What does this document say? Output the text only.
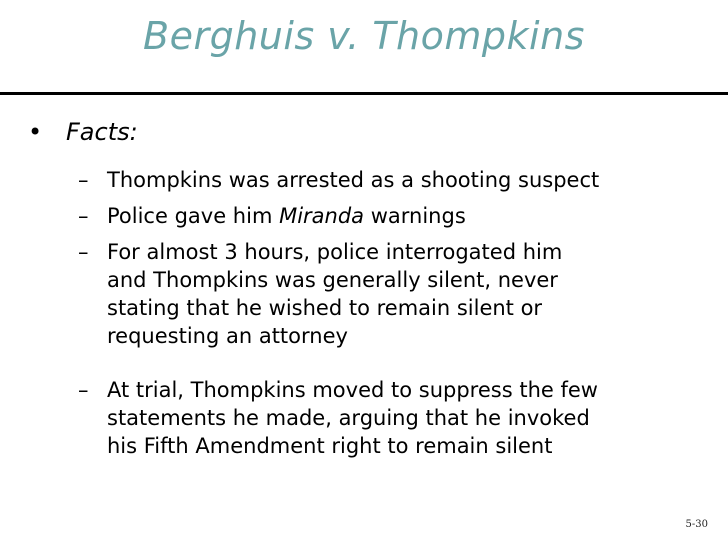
Berghuis v. Thompkins
• Facts:
– Thompkins was arrested as a shooting suspect
– Police gave him Miranda warnings
– For almost 3 hours, police interrogated him
and Thompkins was generally silent, never
stating that he wished to remain silent or
requesting an attorney
– At trial, Thompkins moved to suppress the few
statements he made, arguing that he invoked
his Fifth Amendment right to remain silent
5-30
